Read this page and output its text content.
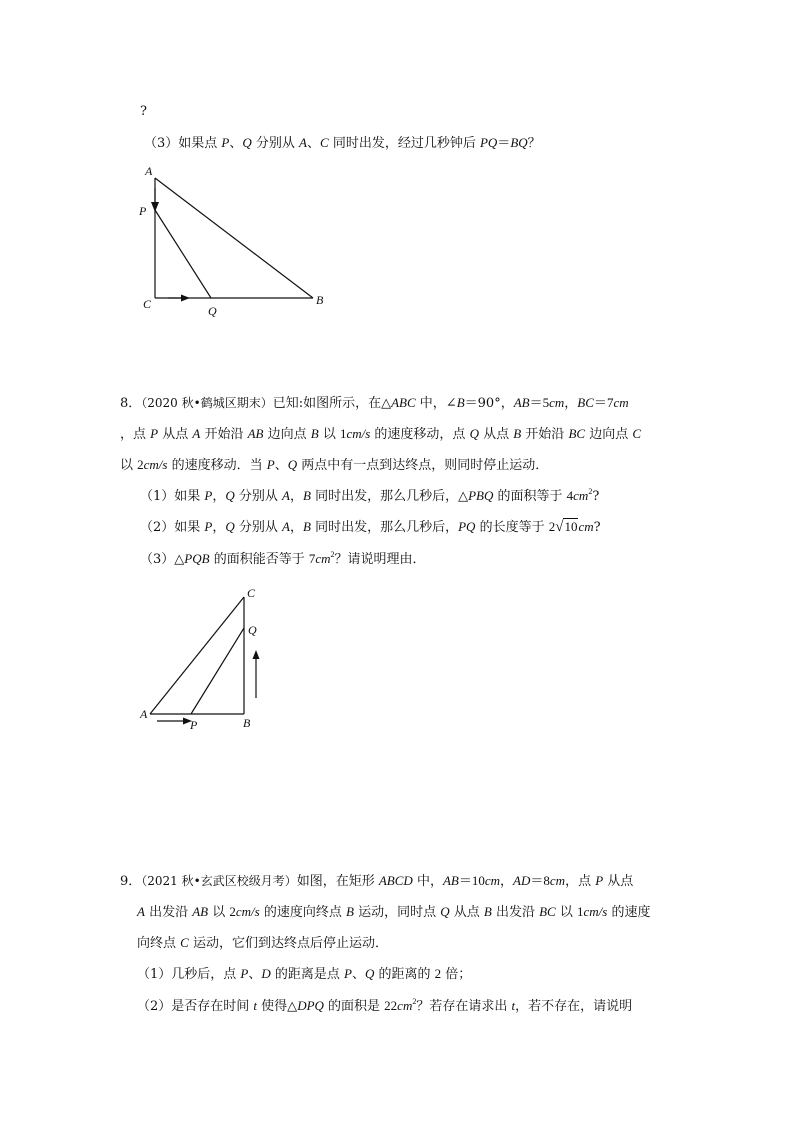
?
（3）如果点 P、Q 分别从 A、C 同时出发，经过几秒钟后 PQ＝BQ？
A
P
C	Q
B
8．（2020 秋•鹤城区期末）已知:如图所示，在△ABC 中，∠B＝90°，AB＝5cm，BC＝7cm
，点 P 从点 A 开始沿 AB 边向点 B 以 1cm/s 的速度移动，点 Q 从点 B 开始沿 BC 边向点 C
以 2cm/s 的速度移动．当 P、Q 两点中有一点到达终点，则同时停止运动．
（1）如果 P，Q 分别从 A，B 同时出发，那么几秒后，△PBQ 的面积等于 $4cm^2$?
（2）如果 P，Q 分别从 A，B 同时出发，那么几秒后，PQ 的长度等于 2√10cm?
（3）△PQB 的面积能否等于 $7cm^2$？请说明理由．
A
P	B
Q
C
9．（2021 秋•玄武区校级月考）如图，在矩形 ABCD 中，AB＝10cm，AD＝8cm，点 P 从点
A 出发沿 AB 以 2cm/s 的速度向终点 B 运动，同时点 Q 从点 B 出发沿 BC 以 1cm/s 的速度
向终点 C 运动，它们到达终点后停止运动．
（1）几秒后，点 P、D 的距离是点 P、Q 的距离的 2 倍；
（2）是否存在时间 t 使得△DPQ 的面积是 $22cm^2$？若存在请求出 t，若不存在，请说明
